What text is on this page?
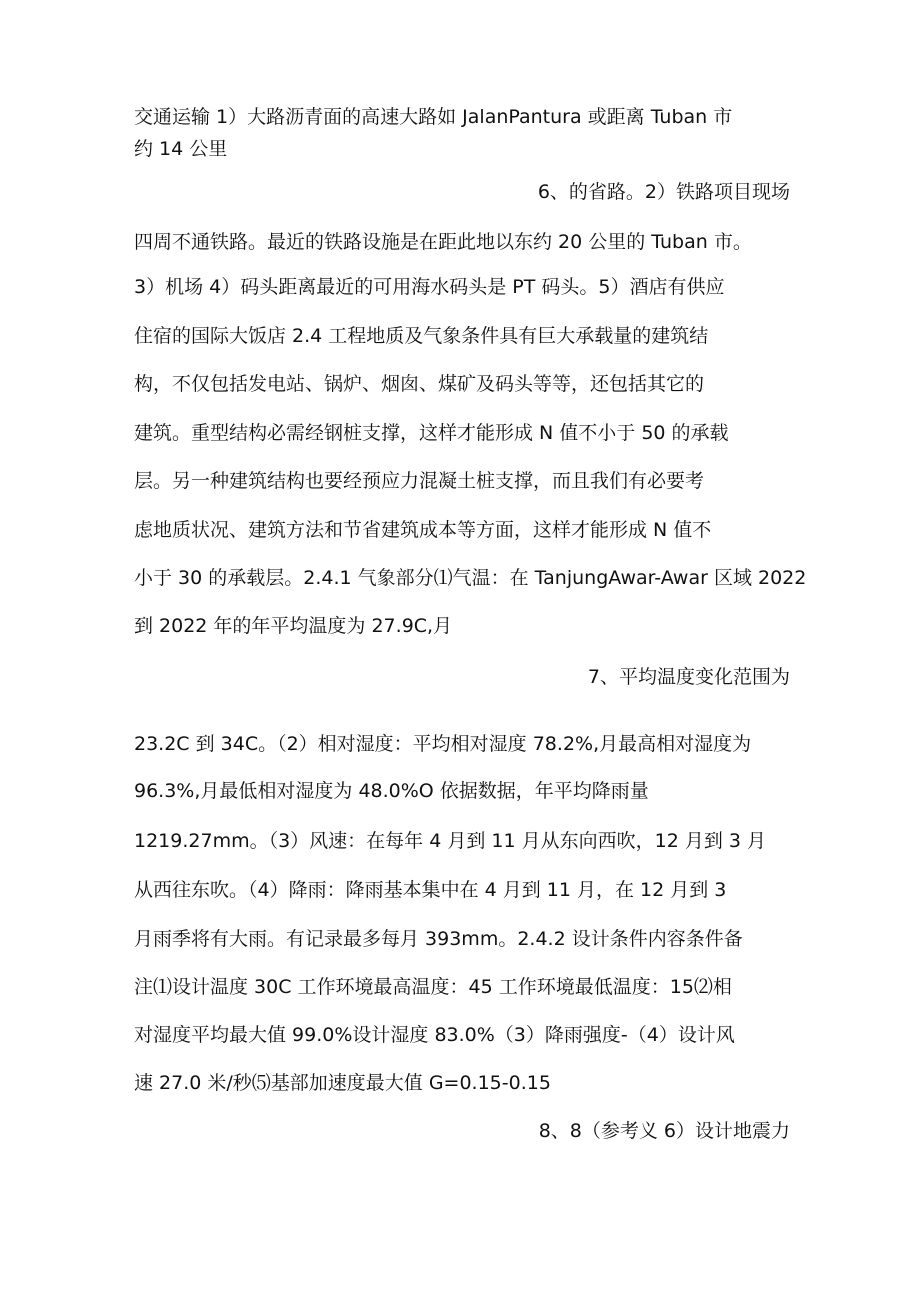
交通运输 1）大路沥青面的高速大路如 JalanPantura 或距离 Tuban 市
约 14 公里
6、的省路。2）铁路项目现场
四周不通铁路。最近的铁路设施是在距此地以东约 20 公里的 Tuban 市。
3）机场 4）码头距离最近的可用海水码头是 PT 码头。5）酒店有供应
住宿的国际大饭店 2.4 工程地质及气象条件具有巨大承载量的建筑结
构，不仅包括发电站、锅炉、烟囱、煤矿及码头等等，还包括其它的
建筑。重型结构必需经钢桩支撑，这样才能形成 N 值不小于 50 的承载
层。另一种建筑结构也要经预应力混凝土桩支撑，而且我们有必要考
虑地质状况、建筑方法和节省建筑成本等方面，这样才能形成 N 值不
小于 30 的承载层。2.4.1 气象部分⑴气温：在 TanjungAwar-Awar 区域 2022
到 2022 年的年平均温度为 27.9C,月
7、平均温度变化范围为
23.2C 到 34C。（2）相对湿度：平均相对湿度 78.2%,月最高相对湿度为
96.3%,月最低相对湿度为 48.0%O 依据数据，年平均降雨量
1219.27mm。（3）风速：在每年 4 月到 11 月从东向西吹，12 月到 3 月
从西往东吹。（4）降雨：降雨基本集中在 4 月到 11 月，在 12 月到 3
月雨季将有大雨。有记录最多每月 393mm。2.4.2 设计条件内容条件备
注⑴设计温度 30C 工作环境最高温度：45 工作环境最低温度：15⑵相
对湿度平均最大值 99.0%设计湿度 83.0%（3）降雨强度-（4）设计风
速 27.0 米/秒⑸基部加速度最大值 G=0.15-0.15
8、8（参考义 6）设计地震力
